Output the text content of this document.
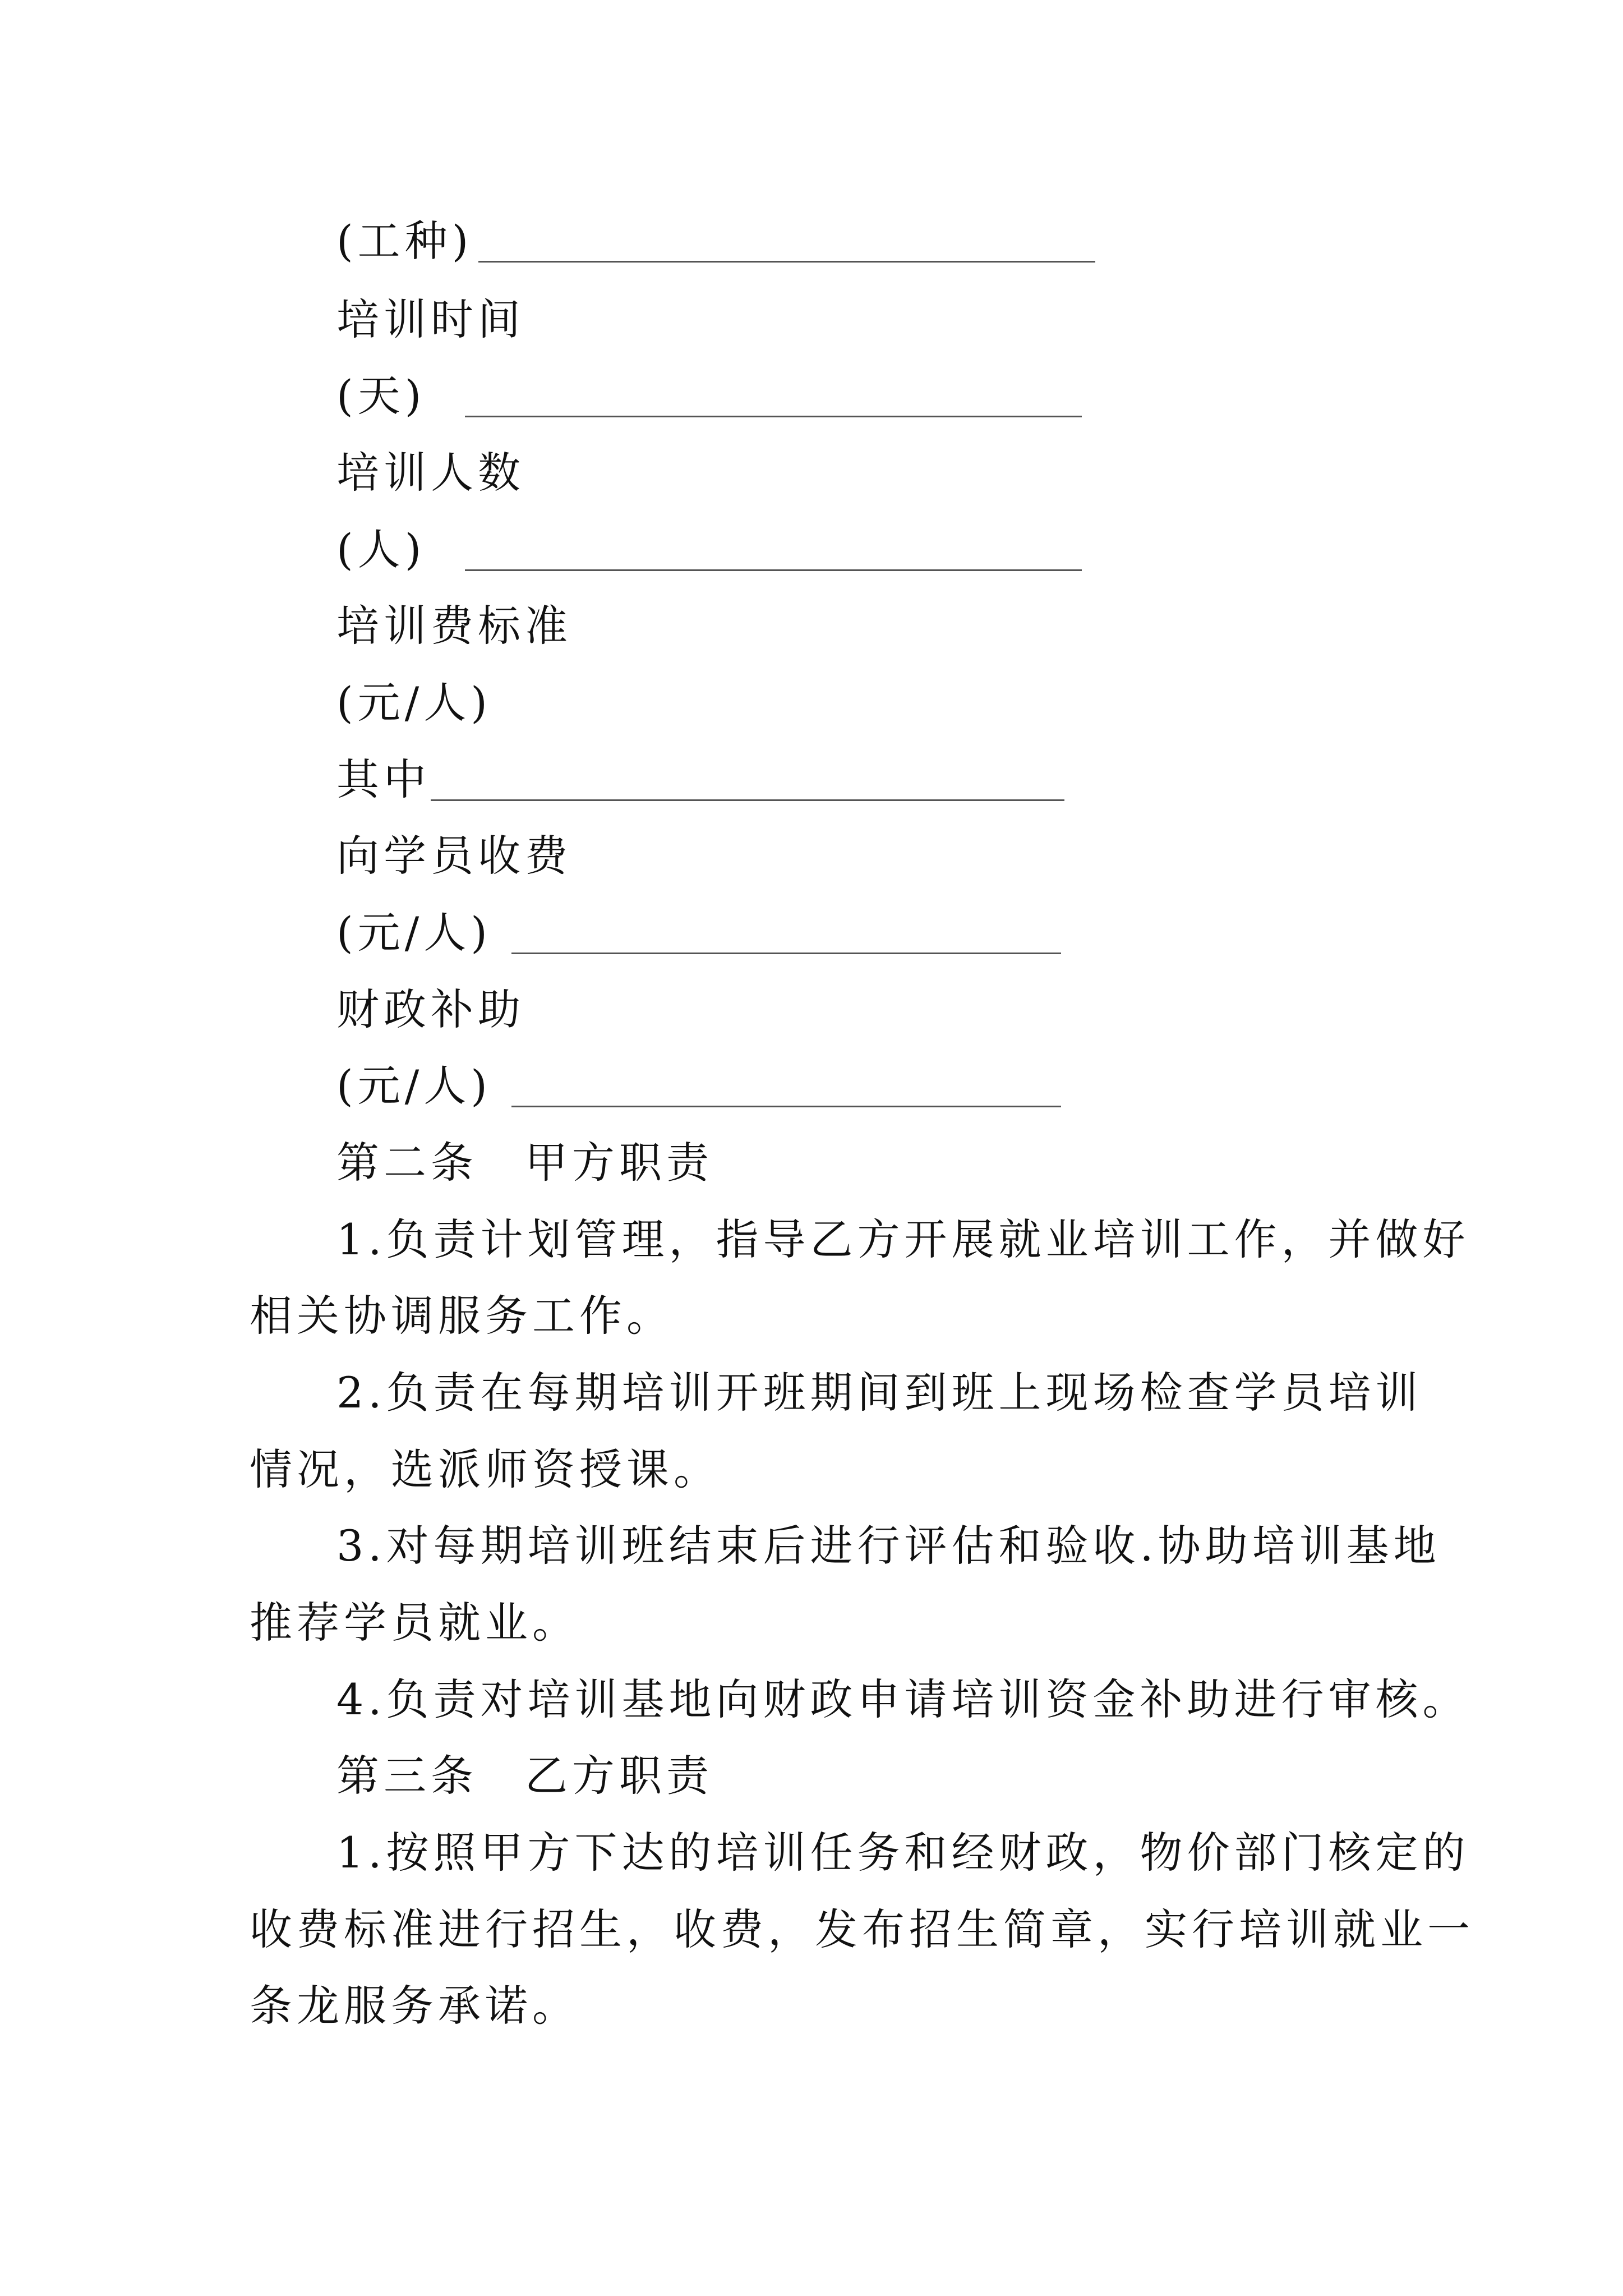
(工种)
培训时间
(天)
培训人数
(人)
培训费标准
(元/人)
其中
向学员收费
(元/人)
财政补助
(元/人)
第二条　甲方职责
1.负责计划管理，指导乙方开展就业培训工作，并做好
相关协调服务工作。
2.负责在每期培训开班期间到班上现场检查学员培训
情况，选派师资授课。
3.对每期培训班结束后进行评估和验收.协助培训基地
推荐学员就业。
4.负责对培训基地向财政申请培训资金补助进行审核。
第三条　乙方职责
1.按照甲方下达的培训任务和经财政，物价部门核定的
收费标准进行招生，收费，发布招生简章，实行培训就业一
条龙服务承诺。
